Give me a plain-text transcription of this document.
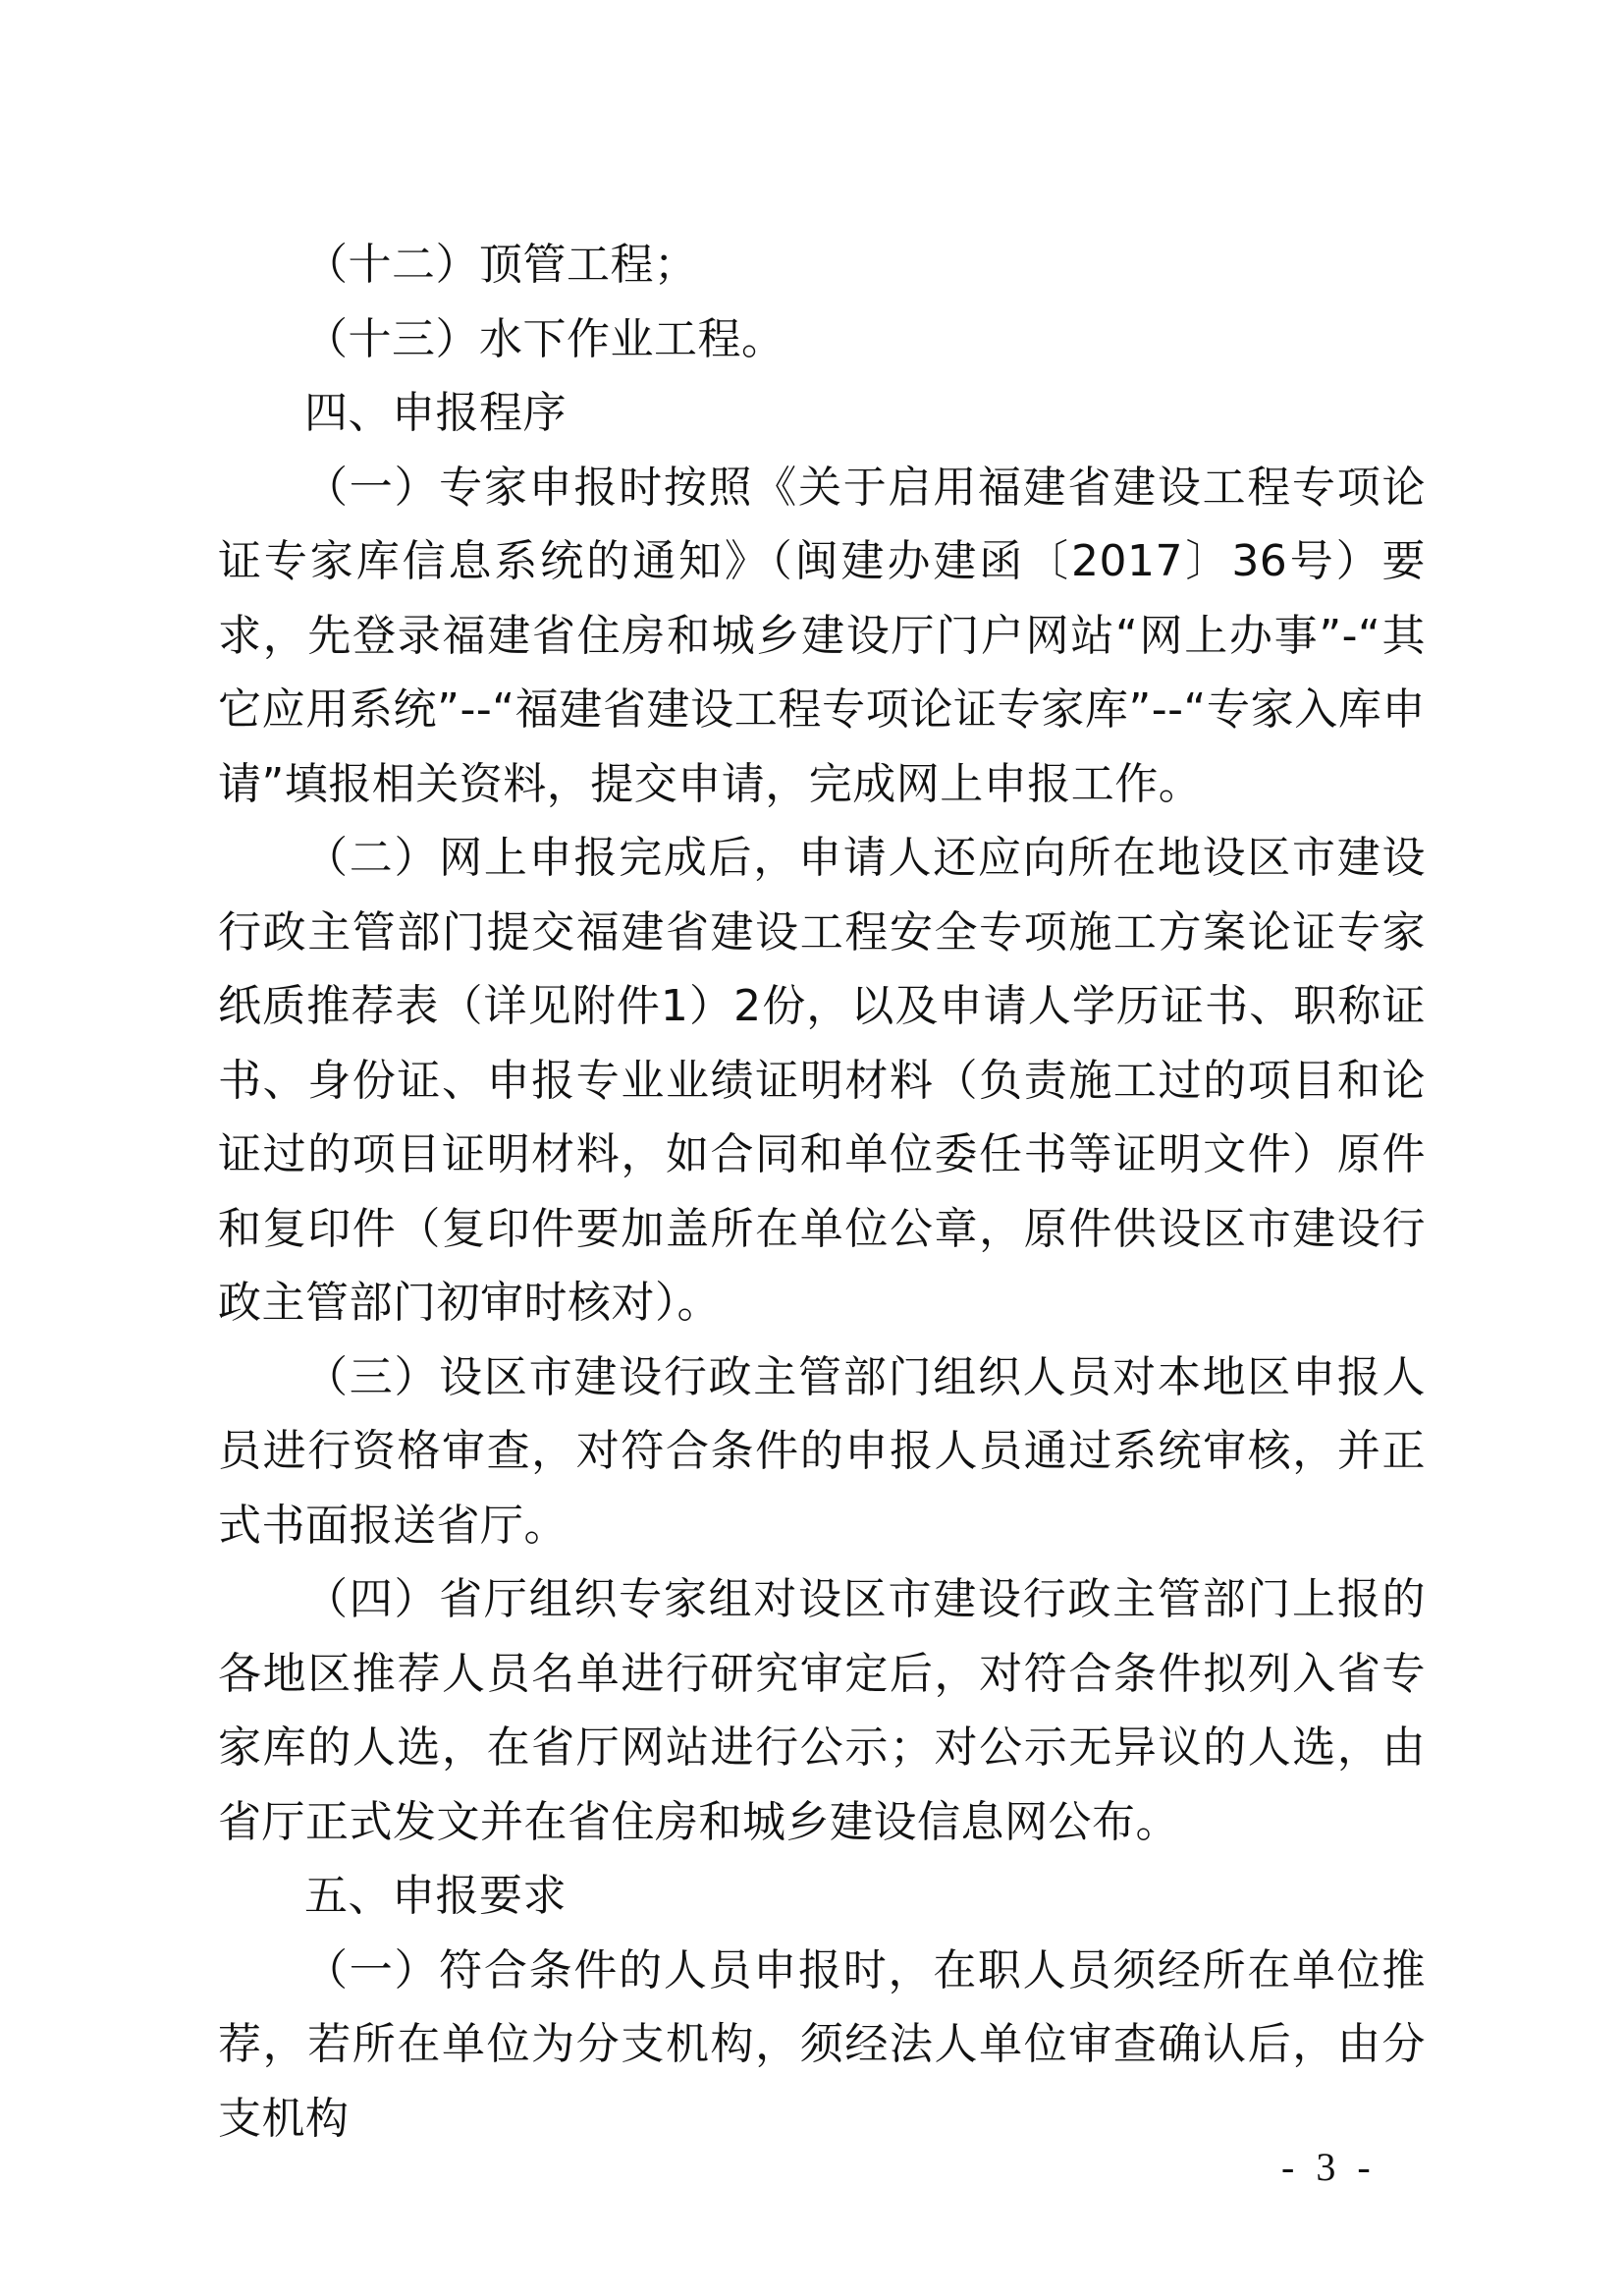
（十二）顶管工程；

（十三）水下作业工程。

四、申报程序

（一）专家申报时按照《关于启用福建省建设工程专项论证专家库信息系统的通知》（闽建办建函〔2017〕36号）要求，先登录福建省住房和城乡建设厅门户网站“网上办事”-“其它应用系统”--“福建省建设工程专项论证专家库”--“专家入库申请”填报相关资料，提交申请，完成网上申报工作。

（二）网上申报完成后，申请人还应向所在地设区市建设行政主管部门提交福建省建设工程安全专项施工方案论证专家纸质推荐表（详见附件1）2份，以及申请人学历证书、职称证书、身份证、申报专业业绩证明材料（负责施工过的项目和论证过的项目证明材料，如合同和单位委任书等证明文件）原件和复印件（复印件要加盖所在单位公章，原件供设区市建设行政主管部门初审时核对）。

（三）设区市建设行政主管部门组织人员对本地区申报人员进行资格审查，对符合条件的申报人员通过系统审核，并正式书面报送省厅。

（四）省厅组织专家组对设区市建设行政主管部门上报的各地区推荐人员名单进行研究审定后，对符合条件拟列入省专家库的人选，在省厅网站进行公示；对公示无异议的人选，由省厅正式发文并在省住房和城乡建设信息网公布。

五、申报要求

（一）符合条件的人员申报时，在职人员须经所在单位推荐，若所在单位为分支机构，须经法人单位审查确认后，由分支机构

- 3 -
